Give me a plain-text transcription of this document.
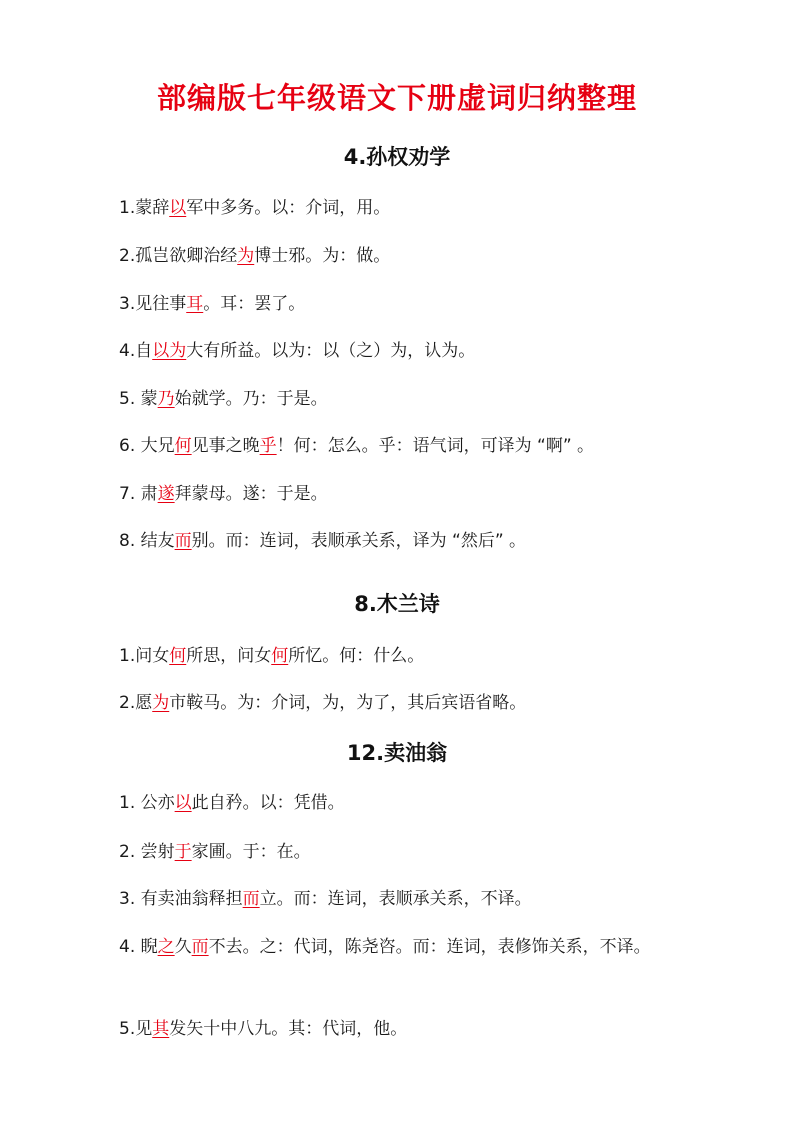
部编版七年级语文下册虚词归纳整理
4.孙权劝学
1.蒙辞以军中多务。以：介词，用。
2.孤岂欲卿治经为博士邪。为：做。
3.见往事耳。耳：罢了。
4.自以为大有所益。以为：以（之）为，认为。
5. 蒙乃始就学。乃：于是。
6. 大兄何见事之晚乎！何：怎么。乎：语气词，可译为 “啊” 。
7. 肃遂拜蒙母。遂：于是。
8. 结友而别。而：连词，表顺承关系，译为 “然后” 。
8.木兰诗
1.问女何所思，问女何所忆。何：什么。
2.愿为市鞍马。为：介词，为，为了，其后宾语省略。
12.卖油翁
1. 公亦以此自矜。以：凭借。
2. 尝射于家圃。于：在。
3. 有卖油翁释担而立。而：连词，表顺承关系，不译。
4. 睨之久而不去。之：代词，陈尧咨。而：连词，表修饰关系，不译。
5.见其发矢十中八九。其：代词，他。
